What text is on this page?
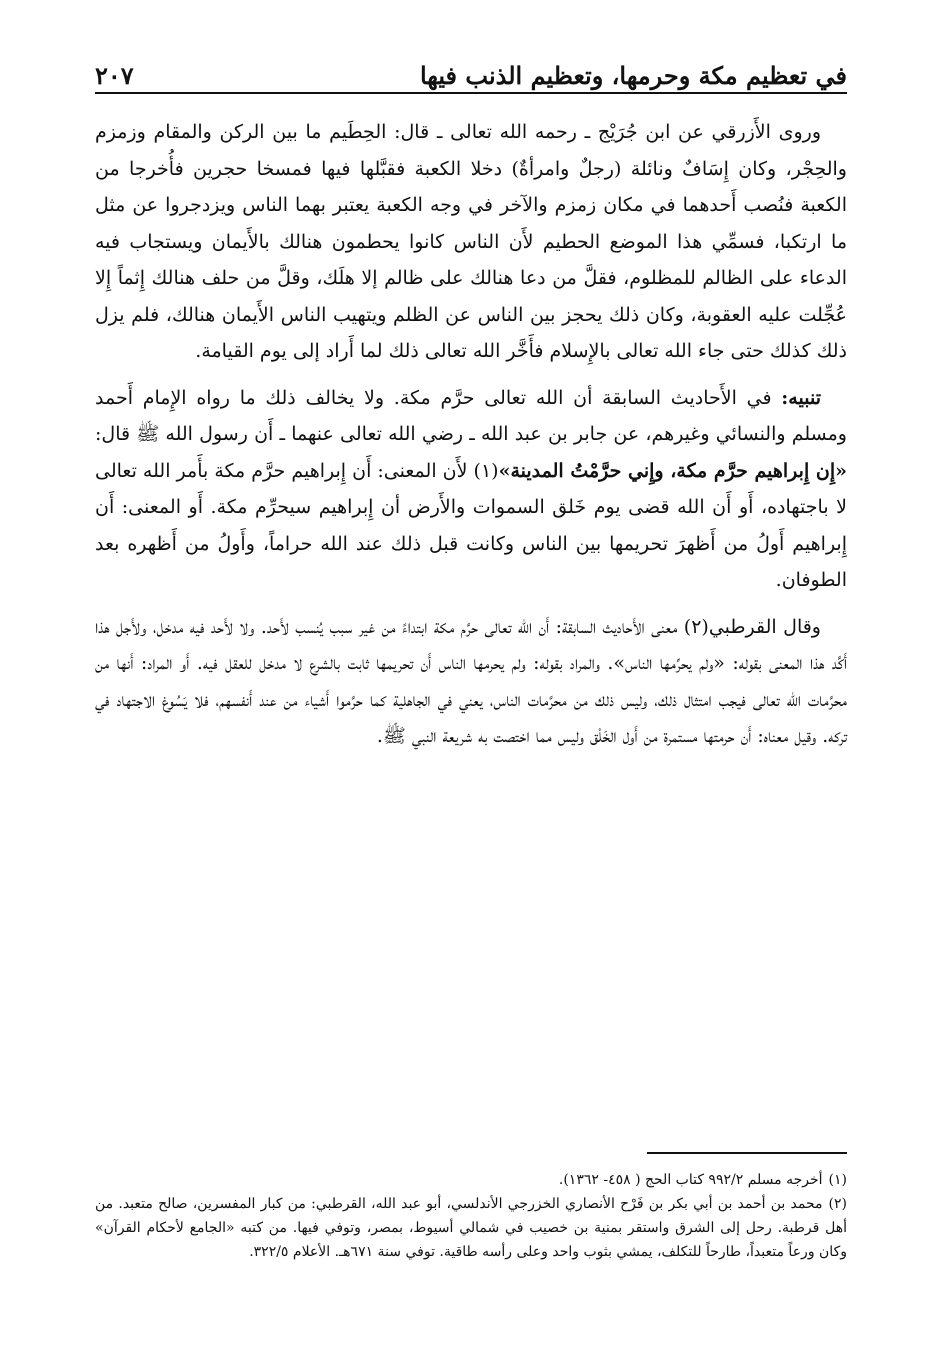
في تعظيم مكة وحرمها، وتعظيم الذنب فيها
٢٠٧

وروى الأَزرقي عن ابن جُرَيْج ـ رحمه الله تعالى ـ قال: الحِطَيم ما بين الركن والمقام وزمزم والحِجْر، وكان إِسَافٌ ونائلة (رجلٌ وامرأةٌ) دخلا الكعبة فقبَّلها فيها فمسخا حجرين فأُخرجا من الكعبة فنُصب أَحدهما في مكان زمزم والآخر في وجه الكعبة يعتبر بهما الناس ويزدجروا عن مثل ما ارتكبا، فسمِّي هذا الموضع الحطيم لأَن الناس كانوا يحطمون هنالك بالأَيمان ويستجاب فيه الدعاء على الظالم للمظلوم، فقلَّ من دعا هنالك على ظالم إلا هلَك، وقلَّ من حلف هنالك إِثماً إِلا عُجِّلت عليه العقوبة، وكان ذلك يحجز بين الناس عن الظلم ويتهيب الناس الأَيمان هنالك، فلم يزل ذلك كذلك حتى جاء الله تعالى بالإِسلام فأَخَّر الله تعالى ذلك لما أَراد إلى يوم القيامة.

تنبيه: في الأَحاديث السابقة أن الله تعالى حرَّم مكة. ولا يخالف ذلك ما رواه الإِمام أَحمد ومسلم والنسائي وغيرهم، عن جابر بن عبد الله ـ رضي الله تعالى عنهما ـ أَن رسول الله ﷺ قال: «إِن إِبراهيم حرَّم مكة، وإِني حرَّمْتُ المدينة»(١) لأَن المعنى: أَن إِبراهيم حرَّم مكة بأَمر الله تعالى لا باجتهاده، أَو أَن الله قضى يوم خَلق السموات والأَرض أن إِبراهيم سيحرِّم مكة. أَو المعنى: أَن إِبراهيم أَولُ من أَظهرَ تحريمها بين الناس وكانت قبل ذلك عند الله حراماً، وأَولُ من أَظهره بعد الطوفان.

وقال القرطبي(٢) معنى الأَحاديث السابقة: أَن الله تعالى حرَّم مكة ابتداءً من غير سبب يُنسب لأَحد. ولا لأَحد فيه مدخل، ولأَجل هذا أَكَّد هذا المعنى بقوله: «ولم يحرِّمها الناس». والمراد بقوله: ولم يحرمها الناس أَن تحريمها ثابت بالشرع لا مدخل للعقل فيه. أَو المراد: أَنها من محرَّمات الله تعالى فيجب امتثال ذلك، وليس ذلك من محرَّمات الناس، يعني في الجاهلية كما حرَّموا أَشياء من عند أَنفسهم، فلا يَسُوغ الاجتهاد في تركه. وقيل معناه: أَن حرمتها مستمرة من أَول الخَلْق وليس مما اختصت به شريعة النبي ﷺ.

(١)أخرجه مسلم ٩٩٢/٢ كتاب الحج ( ٤٥٨- ١٣٦٢).

(٢)محمد بن أحمد بن أبي بكر بن فَرْح الأنصاري الخزرجي الأندلسي، أبو عبد الله، القرطبي: من كبار المفسرين، صالح متعبد. من أهل قرطبة. رحل إلى الشرق واستقر بمنية بن خصيب في شمالي أسيوط، بمصر، وتوفي فيها. من كتبه «الجامع لأحكام القرآن» وكان ورعاً متعبداً، طارحاً للتكلف، يمشي بثوب واحد وعلى رأسه طاقية. توفي سنة ٦٧١هـ. الأعلام ٣٢٢/٥.
